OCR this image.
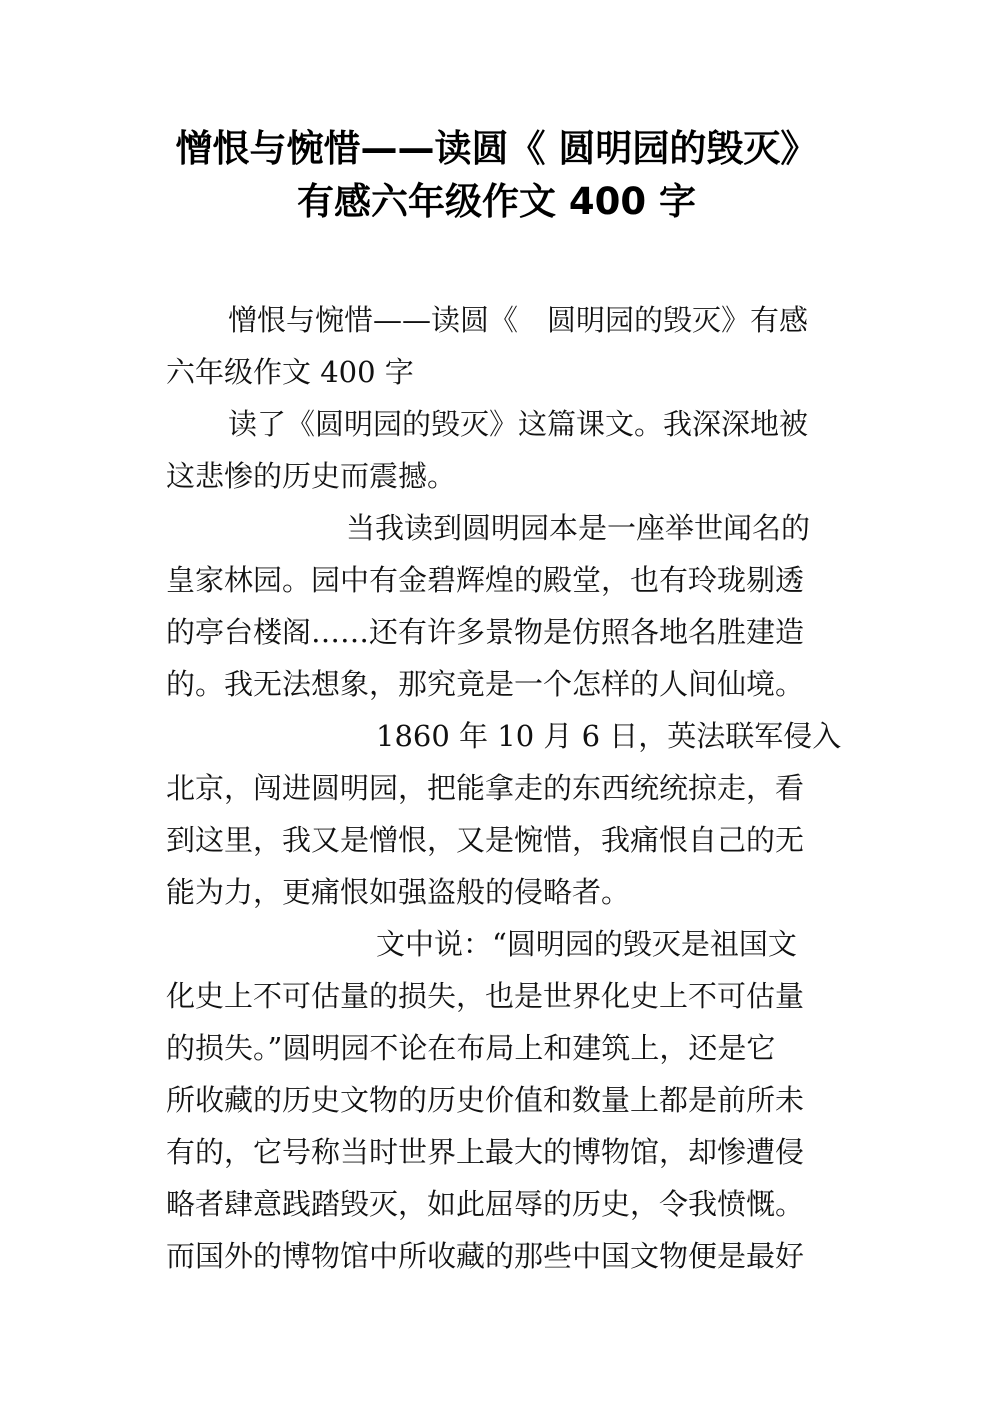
憎恨与惋惜——读圆《 圆明园的毁灭》
有感六年级作文 400 字
憎恨与惋惜——读圆《　圆明园的毁灭》有感
六年级作文 400 字
读了《圆明园的毁灭》这篇课文。我深深地被
这悲惨的历史而震撼。
当我读到圆明园本是一座举世闻名的
皇家林园。园中有金碧辉煌的殿堂，也有玲珑剔透
的亭台楼阁……还有许多景物是仿照各地名胜建造
的。我无法想象，那究竟是一个怎样的人间仙境。
1860 年 10 月 6 日，英法联军侵入
北京，闯进圆明园，把能拿走的东西统统掠走，看
到这里，我又是憎恨，又是惋惜，我痛恨自己的无
能为力，更痛恨如强盗般的侵略者。
文中说：“圆明园的毁灭是祖国文
化史上不可估量的损失，也是世界化史上不可估量
的损失。”圆明园不论在布局上和建筑上，还是它
所收藏的历史文物的历史价值和数量上都是前所未
有的，它号称当时世界上最大的博物馆，却惨遭侵
略者肆意践踏毁灭，如此屈辱的历史，令我愤慨。
而国外的博物馆中所收藏的那些中国文物便是最好
